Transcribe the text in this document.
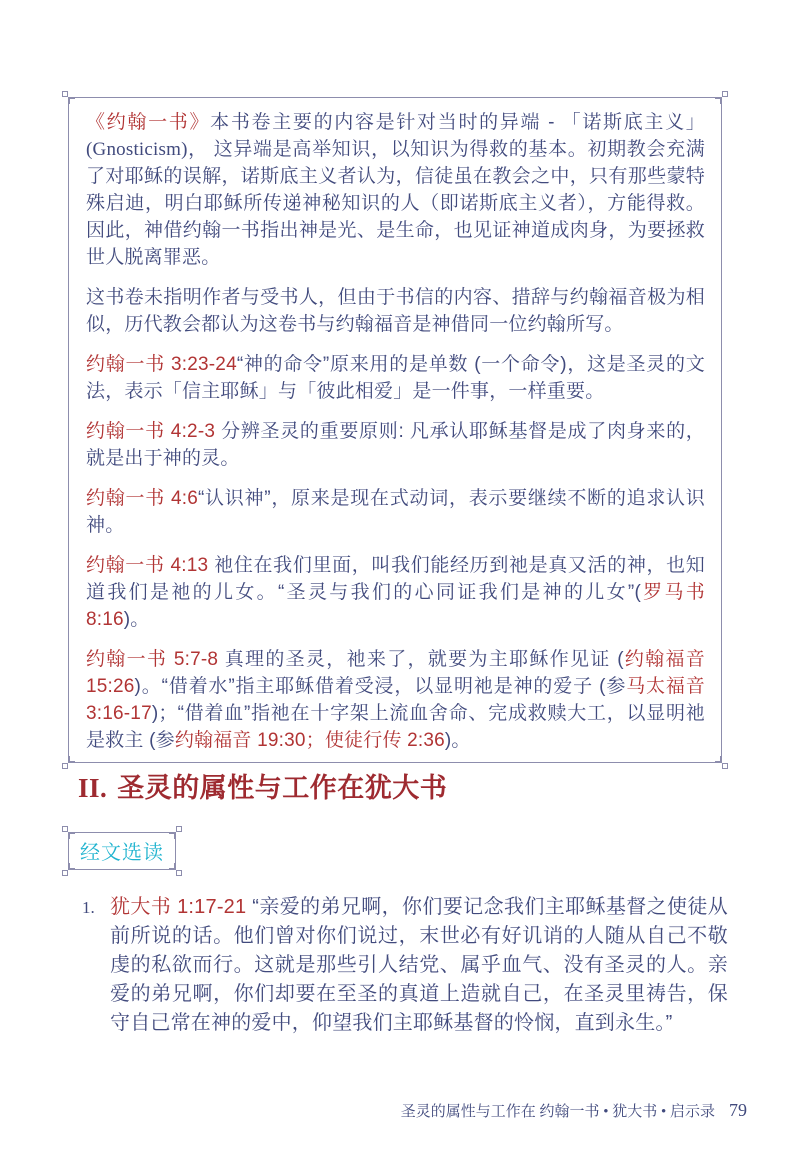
《约翰一书》本书卷主要的内容是针对当时的异端 - 「诺斯底主义」(Gnosticism)， 这异端是高举知识，以知识为得救的基本。初期教会充满了对耶稣的误解，诺斯底主义者认为，信徒虽在教会之中，只有那些蒙特殊启迪，明白耶稣所传递神秘知识的人（即诺斯底主义者），方能得救。因此，神借约翰一书指出神是光、是生命，也见证神道成肉身，为要拯救世人脱离罪恶。

这书卷未指明作者与受书人，但由于书信的内容、措辞与约翰福音极为相似，历代教会都认为这卷书与约翰福音是神借同一位约翰所写。

约翰一书 3:23-24“神的命令”原来用的是单数 (一个命令)，这是圣灵的文法，表示「信主耶稣」与「彼此相爱」是一件事，一样重要。

约翰一书 4:2-3 分辨圣灵的重要原则: 凡承认耶稣基督是成了肉身来的，就是出于神的灵。

约翰一书 4:6“认识神”，原来是现在式动词，表示要继续不断的追求认识神。

约翰一书 4:13 祂住在我们里面，叫我们能经历到祂是真又活的神，也知道我们是祂的儿女。“圣灵与我们的心同证我们是神的儿女”(罗马书 8:16)。

约翰一书 5:7-8 真理的圣灵，祂来了，就要为主耶稣作见证 (约翰福音 15:26)。“借着水”指主耶稣借着受浸，以显明祂是神的爱子 (参马太福音 3:16-17)；“借着血”指祂在十字架上流血舍命、完成救赎大工，以显明祂是救主 (参约翰福音 19:30；使徒行传 2:36)。

II. 圣灵的属性与工作在犹大书
经文选读
1. 犹大书 1:17-21 “亲爱的弟兄啊，你们要记念我们主耶稣基督之使徒从前所说的话。他们曾对你们说过，末世必有好讥诮的人随从自己不敬虔的私欲而行。这就是那些引人结党、属乎血气、没有圣灵的人。亲爱的弟兄啊，你们却要在至圣的真道上造就自己，在圣灵里祷告，保守自己常在神的爱中，仰望我们主耶稣基督的怜悯，直到永生。”
圣灵的属性与工作在 约翰一书 • 犹大书 • 启示录 79
